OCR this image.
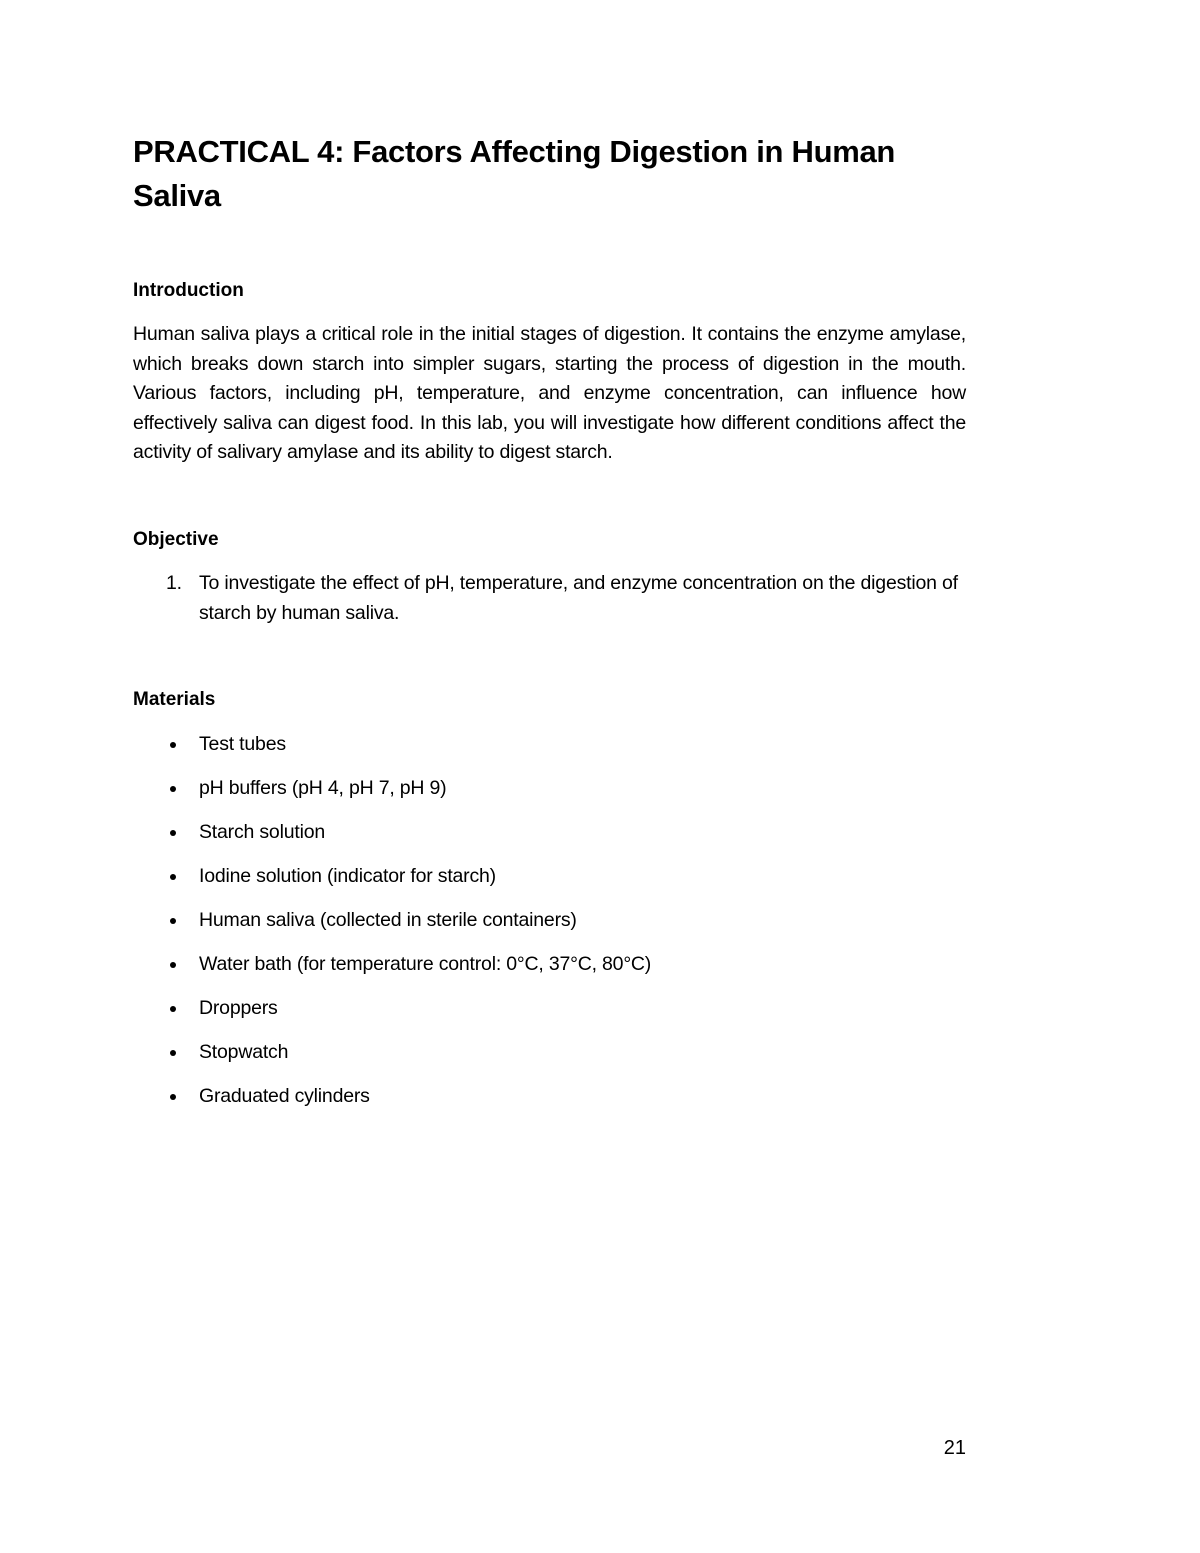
PRACTICAL 4: Factors Affecting Digestion in Human Saliva
Introduction

Human saliva plays a critical role in the initial stages of digestion. It contains the enzyme amylase, which breaks down starch into simpler sugars, starting the process of digestion in the mouth. Various factors, including pH, temperature, and enzyme concentration, can influence how effectively saliva can digest food. In this lab, you will investigate how different conditions affect the activity of salivary amylase and its ability to digest starch.

Objective
1. To investigate the effect of pH, temperature, and enzyme concentration on the digestion of starch by human saliva.
Materials
Test tubes
pH buffers (pH 4, pH 7, pH 9)
Starch solution
Iodine solution (indicator for starch)
Human saliva (collected in sterile containers)
Water bath (for temperature control: 0°C, 37°C, 80°C)
Droppers
Stopwatch
Graduated cylinders
21
